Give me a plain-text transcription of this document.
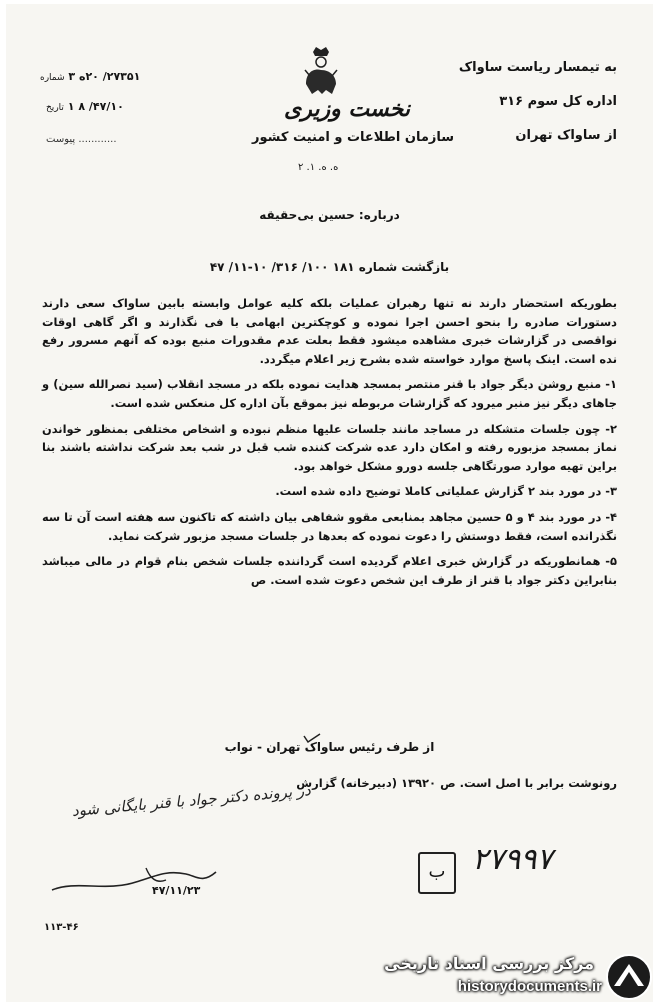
به تیمسار ریاست ساواک
اداره کل سوم ۳۱۶
از ساواک تهران
۲۷۳۵۱/ ۲۰ه ۳ شماره
۴۷/۱۰/ ۸ ۱ تاریخ
............ پیوست
نخست وزیری
سازمان اطلاعات و امنیت کشور
ه. ه. ۱. ۲
درباره: حسین بی‌حقیقه
بازگشت شماره ۱۸۱ ۱۰۰/ ۳۱۶/ ۱۰-۱۱/ ۴۷

بطوریکه استحضار دارند نه تنها رهبران عملیات بلکه کلیه عوامل وابسته بابین ساواک سعی دارند دستورات صادره را بنحو احسن اجرا نموده و کوچکترین ابهامی با فی نگذارند و اگر گاهی اوقات نواقصی در گزارشات خبری مشاهده میشود فقط بعلت عدم مقدورات منبع بوده که آنهم مسرور رفع نده است. اینک پاسخ موارد خواسته شده بشرح زیر اعلام میگردد.

۱- منبع روشن دیگر جواد با قنر منتصر بمسجد هدایت نموده بلکه در مسجد انقلاب (سید نصرالله سین) و جاهای دیگر نیز منبر میرود که گزارشات مربوطه نیز بموقع بآن اداره کل منعکس شده است.

۲- چون جلسات متشکله در مساجد مانند جلسات علیها منظم نبوده و اشخاص مختلفی بمنظور خواندن نماز بمسجد مزبوره رفته و امکان دارد عده شرکت کننده شب قبل در شب بعد شرکت نداشته باشند بنا براین تهیه موارد صورتگاهی جلسه دورو مشکل خواهد بود.

۳- در مورد بند ۲ گزارش عملیاتی کاملا توضیح داده شده است.

۴- در مورد بند ۴ و ۵ حسین مجاهد بمنابعی مقوو شفاهی بیان داشته که تاکنون سه هفته است آن تا سه نگذرانده است، فقط دوستش را دعوت نموده که بعدها در جلسات مسجد مزبور شرکت نماید.

۵- همانطوریکه در گزارش خبری اعلام گردیده است گرداننده جلسات شخص بنام قوام در مالی میباشد بنابراین دکتر جواد با قنر از طرف این شخص دعوت شده است. ص

از طرف رئیس ساواک تهران - نواب
رونوشت برابر با اصل است. ص ۱۳۹۲۰ (دبیرخانه) گزارش
در پرونده دکتر جواد با قنر بایگانی شود
۴۷/۱۱/۲۳
ب ۲۷۹۹۷
۱۱۳-۴۶
مرکز بررسی اسناد تاریخی
historydocuments.ir
